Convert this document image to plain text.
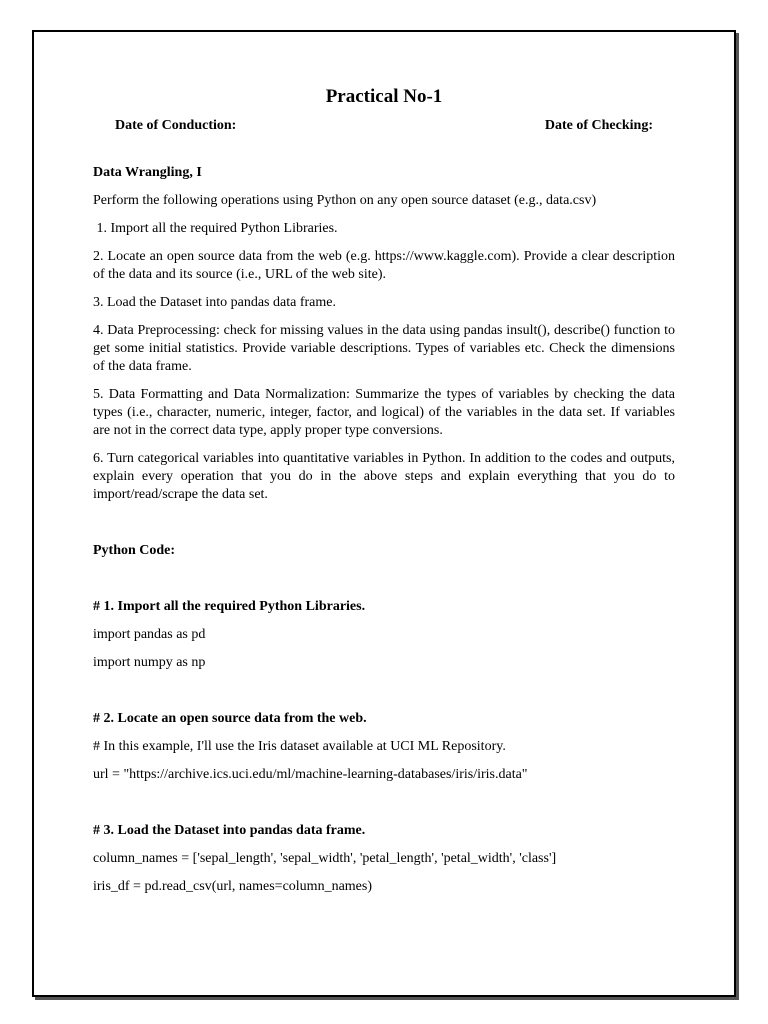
Practical No-1
Date of Conduction:	Date of Checking:

Data Wrangling, I

Perform the following operations using Python on any open source dataset (e.g., data.csv)

1. Import all the required Python Libraries.

2. Locate an open source data from the web (e.g. https://www.kaggle.com). Provide a clear description of the data and its source (i.e., URL of the web site).

3. Load the Dataset into pandas data frame.

4. Data Preprocessing: check for missing values in the data using pandas insult(), describe() function to get some initial statistics. Provide variable descriptions. Types of variables etc. Check the dimensions of the data frame.

5. Data Formatting and Data Normalization: Summarize the types of variables by checking the data types (i.e., character, numeric, integer, factor, and logical) of the variables in the data set. If variables are not in the correct data type, apply proper type conversions.

6. Turn categorical variables into quantitative variables in Python. In addition to the codes and outputs, explain every operation that you do in the above steps and explain everything that you do to import/read/scrape the data set.

Python Code:

# 1. Import all the required Python Libraries.

import pandas as pd

import numpy as np

# 2. Locate an open source data from the web.

# In this example, I'll use the Iris dataset available at UCI ML Repository.

url = "https://archive.ics.uci.edu/ml/machine-learning-databases/iris/iris.data"

# 3. Load the Dataset into pandas data frame.

column_names = ['sepal_length', 'sepal_width', 'petal_length', 'petal_width', 'class']

iris_df = pd.read_csv(url, names=column_names)
